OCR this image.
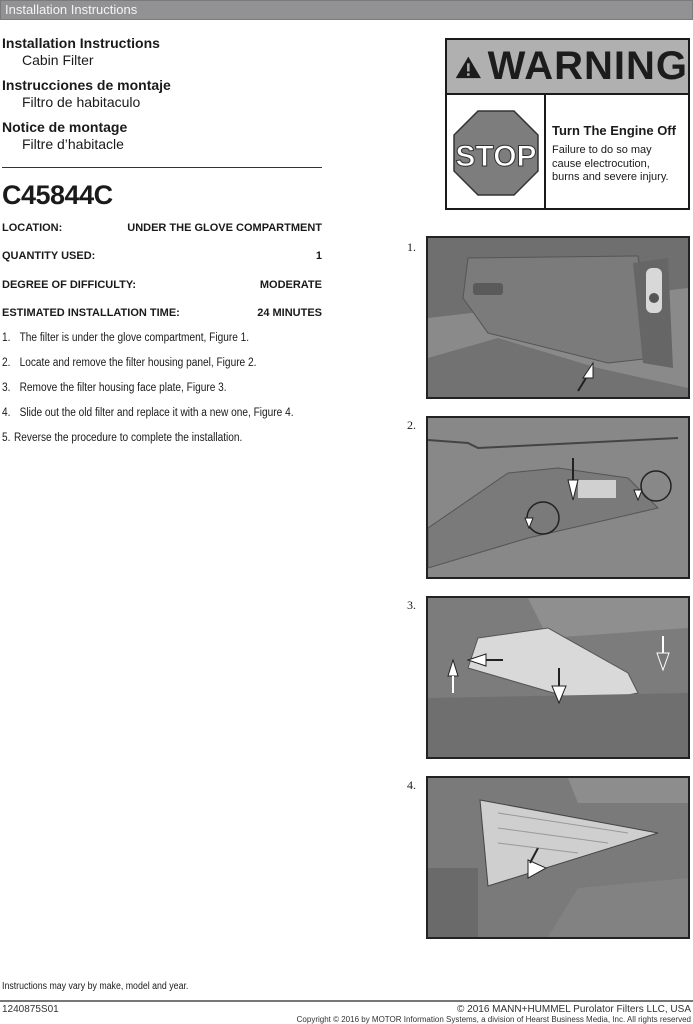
Installation Instructions
Installation Instructions
Cabin Filter
Instrucciones de montaje
Filtro de habitaculo
Notice de montage
Filtre d’habitacle
C45844C
LOCATION:	UNDER THE GLOVE COMPARTMENT
QUANTITY USED:	1
DEGREE OF DIFFICULTY:	MODERATE
ESTIMATED INSTALLATION TIME:	24 MINUTES
1. The filter is under the glove compartment, Figure 1.
2. Locate and remove the filter housing panel, Figure 2.
3. Remove the filter housing face plate, Figure 3.
4. Slide out the old filter and replace it with a new one, Figure 4.
5. Reverse the procedure to complete the installation.
WARNING
STOP
Turn The Engine Off
Failure to do so may
cause electrocution,
burns and severe injury.
1.
2.
3.
4.
Instructions may vary by make, model and year.
1240875S01	© 2016 MANN+HUMMEL Purolator Filters LLC, USA
Copyright © 2016 by MOTOR Information Systems, a division of Hearst Business Media, Inc. All rights reserved
